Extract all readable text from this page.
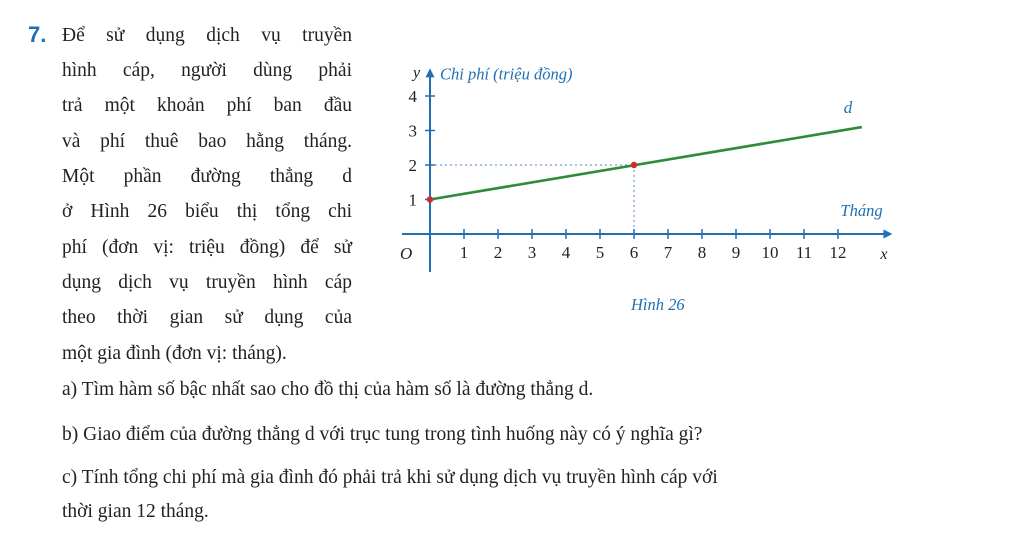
7. Để sử dụng dịch vụ truyền
hình cáp, người dùng phải
trả một khoản phí ban đầu
và phí thuê bao hằng tháng.
Một phần đường thẳng d
ở Hình 26 biểu thị tổng chi
phí (đơn vị: triệu đồng) để sử
dụng dịch vụ truyền hình cáp
theo thời gian sử dụng của
một gia đình (đơn vị: tháng).
a) Tìm hàm số bậc nhất sao cho đồ thị của hàm số là đường thẳng d.
b) Giao điểm của đường thẳng d với trục tung trong tình huống này có ý nghĩa gì?
c) Tính tổng chi phí mà gia đình đó phải trả khi sử dụng dịch vụ truyền hình cáp với
thời gian 12 tháng.
1 2 3 4 5 6 7 8 9 10 11 12
1
2
3
4
O
y Chi phí (triệu đồng)
x
Tháng
d
Hình 26
